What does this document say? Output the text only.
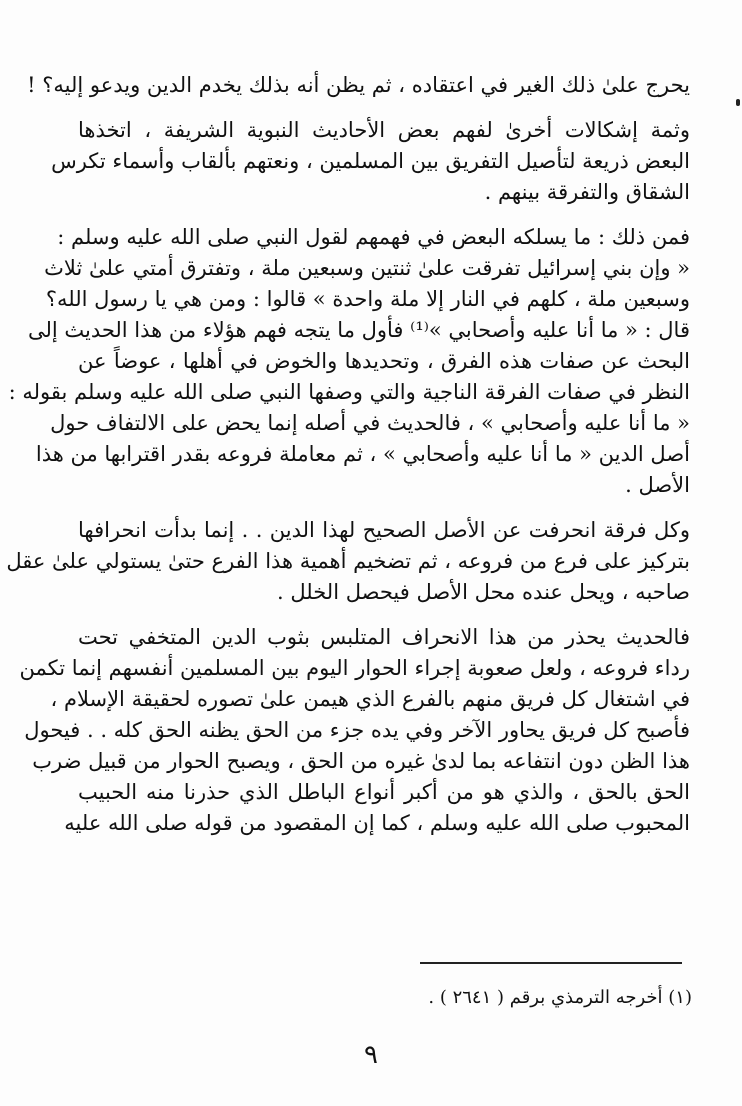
يحرج علىٰ ذلك الغير في اعتقاده ، ثم يظن أنه بذلك يخدم الدين ويدعو إليه؟ !
وثمة إشكالات أخرىٰ لفهم بعض الأحاديث النبوية الشريفة ، اتخذها
البعض ذريعة لتأصيل التفريق بين المسلمين ، ونعتهم بألقاب وأسماء تكرس
الشقاق والتفرقة بينهم .
فمن ذلك : ما يسلكه البعض في فهمهم لقول النبي صلى الله عليه وسلم :
« وإن بني إسرائيل تفرقت علىٰ ثنتين وسبعين ملة ، وتفترق أمتي علىٰ ثلاث
وسبعين ملة ، كلهم في النار إلا ملة واحدة » قالوا : ومن هي يا رسول الله؟
قال : « ما أنا عليه وأصحابي »⁽¹⁾ فأول ما يتجه فهم هؤلاء من هذا الحديث إلى
البحث عن صفات هذه الفرق ، وتحديدها والخوض في أهلها ، عوضاً عن
النظر في صفات الفرقة الناجية والتي وصفها النبي صلى الله عليه وسلم بقوله :
« ما أنا عليه وأصحابي » ، فالحديث في أصله إنما يحض على الالتفاف حول
أصل الدين « ما أنا عليه وأصحابي » ، ثم معاملة فروعه بقدر اقترابها من هذا
الأصل .
وكل فرقة انحرفت عن الأصل الصحيح لهذا الدين . . إنما بدأت انحرافها
بتركيز على فرع من فروعه ، ثم تضخيم أهمية هذا الفرع حتىٰ يستولي علىٰ عقل
صاحبه ، ويحل عنده محل الأصل فيحصل الخلل .
فالحديث يحذر من هذا الانحراف المتلبس بثوب الدين المتخفي تحت
رداء فروعه ، ولعل صعوبة إجراء الحوار اليوم بين المسلمين أنفسهم إنما تكمن
في اشتغال كل فريق منهم بالفرع الذي هيمن علىٰ تصوره لحقيقة الإسلام ،
فأصبح كل فريق يحاور الآخر وفي يده جزء من الحق يظنه الحق كله . . فيحول
هذا الظن دون انتفاعه بما لدىٰ غيره من الحق ، ويصبح الحوار من قبيل ضرب
الحق بالحق ، والذي هو من أكبر أنواع الباطل الذي حذرنا منه الحبيب
المحبوب صلى الله عليه وسلم ، كما إن المقصود من قوله صلى الله عليه
(١) أخرجه الترمذي برقم ( ٢٦٤١ ) .
٩
